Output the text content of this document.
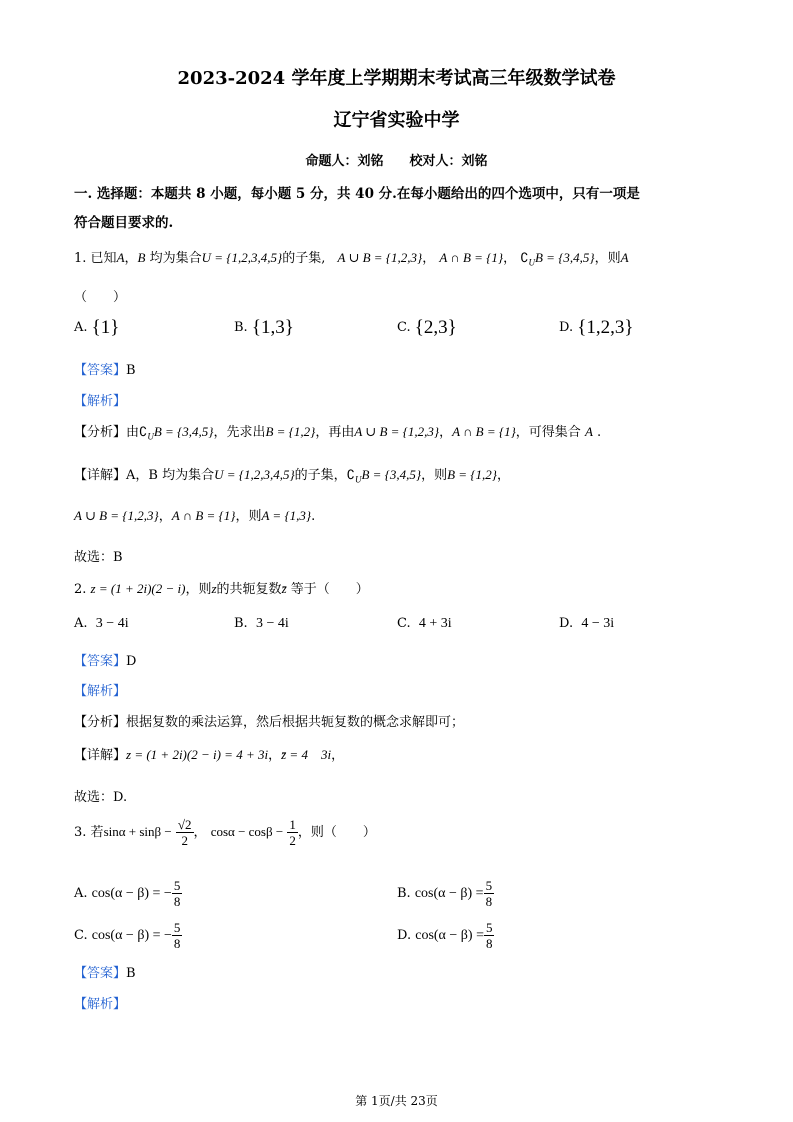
2023-2024 学年度上学期期末考试高三年级数学试卷
辽宁省实验中学
命题人：刘铭　　校对人：刘铭
一. 选择题：本题共 8 小题，每小题 5 分，共 40 分.在每小题给出的四个选项中，只有一项是
符合题目要求的.
1. 已知A，B 均为集合U = {1,2,3,4,5}的子集, A ∪ B = {1,2,3}， A ∩ B = {1}， $∁_UB = \{3,4,5\}$，则A
（　　）
A. {1}	B. {1,3}	C. {2,3}	D. {1,2,3}
【答案】B
【解析】
【分析】由$∁_UB = \{3,4,5\}$，先求出B = {1,2}，再由A ∪ B = {1,2,3}，A ∩ B = {1}，可得集合 A .
【详解】A，B 均为集合U = {1,2,3,4,5}的子集，$∁_UB = \{3,4,5\}$，则B = {1,2}，
A ∪ B = {1,2,3}，A ∩ B = {1}，则A = {1,3}.
故选：B
2. z = (1 + 2i)(2 − i)，则z的共轭复数z̄ 等于（　　）
A. 3 − 4i	B. 3 − 4i	C. 4 + 3i	D. 4 − 3i
【答案】D
【解析】
【分析】根据复数的乘法运算，然后根据共轭复数的概念求解即可；
【详解】z = (1 + 2i)(2 − i) = 4 + 3i，z̄ = 4　3i，
故选：D.
3. 若$\sin\alpha + \sin\beta - \frac{√2}{2}$ ， $\cos\alpha - \cos\beta - \frac{1}{2}$ ，则（　　）
A. cos(α − β) = − $\frac{5}{8}$	B. $\cos(\alpha - \beta) = \frac{5}{8}$
C. cos(α − β) = − $\frac{5}{8}$	D. $\cos(\alpha - \beta) = \frac{5}{8}$
【答案】B
【解析】
第 1页/共 23页
